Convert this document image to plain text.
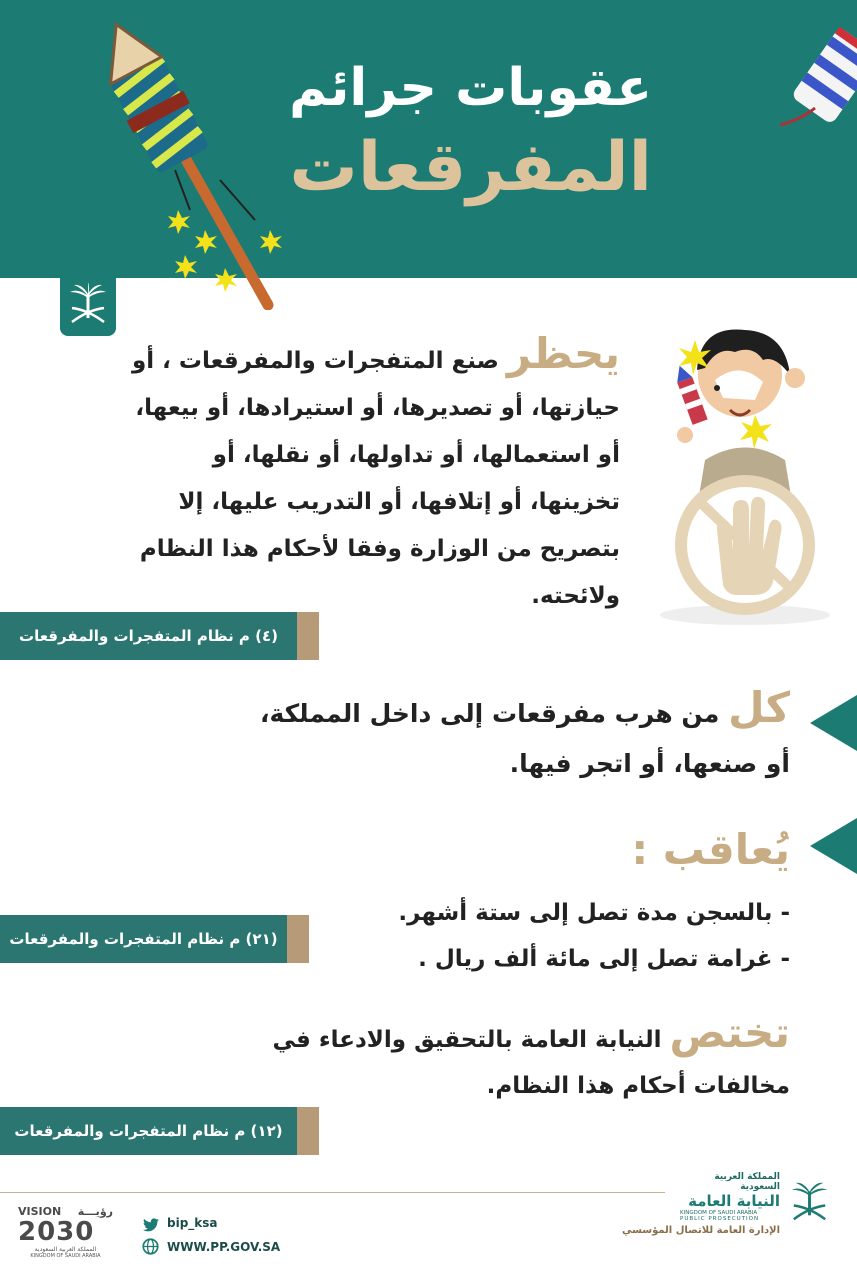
عقوبات جرائم
المفرقعات
يحظر صنع المتفجرات والمفرقعات ، أو حيازتها، أو تصديرها، أو استيرادها، أو بيعها، أو استعمالها، أو تداولها، أو نقلها، أو تخزينها، أو إتلافها، أو التدريب عليها، إلا بتصريح من الوزارة وفقا لأحكام هذا النظام ولائحته.
(٤) م نظام المتفجرات والمفرقعات
كل من هرب مفرقعات إلى داخل المملكة، أو صنعها، أو اتجر فيها.
يُعاقب :
- بالسجن مدة تصل إلى ستة أشهر.
- غرامة تصل إلى مائة ألف ريال .
(٢١) م نظام المتفجرات والمفرقعات
تختص النيابة العامة بالتحقيق والادعاء في مخالفات أحكام هذا النظام.
(١٢) م نظام المتفجرات والمفرقعات
VISION رؤيـــة
2030
المملكة العربية السعودية
KINGDOM OF SAUDI ARABIA
bip_ksa
WWW.PP.GOV.SA
المملكة العربية السعودية
النيابة العامة
KINGDOM OF SAUDI ARABIA
PUBLIC PROSECUTION
الإدارة العامة للاتصال المؤسسي
